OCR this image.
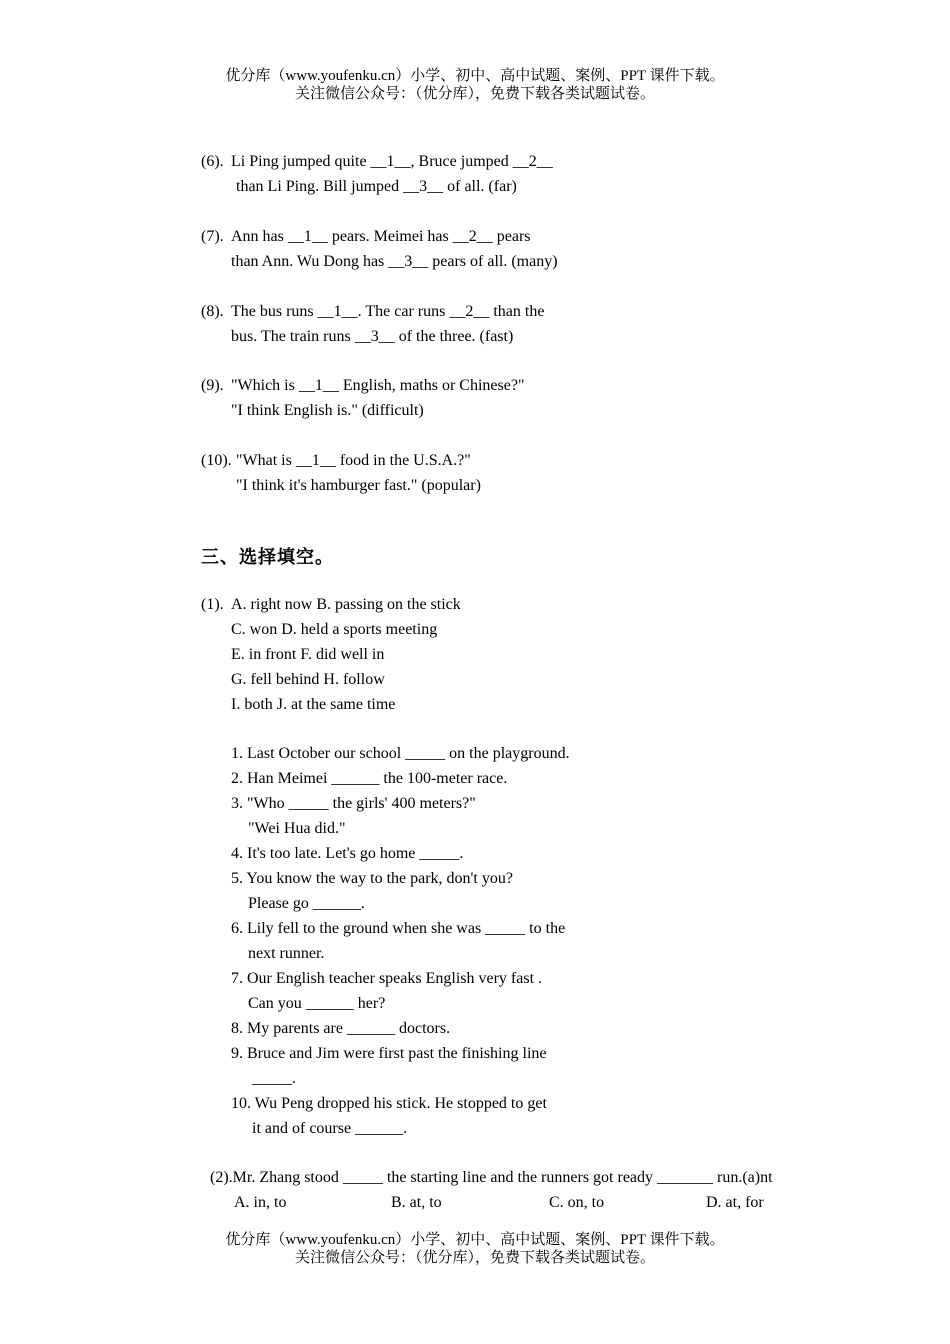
优分库（www.youfenku.cn）小学、初中、高中试题、案例、PPT 课件下载。
关注微信公众号：（优分库），免费下载各类试题试卷。
(6). Li Ping jumped quite __1__, Bruce jumped __2__
than Li Ping. Bill jumped __3__ of all. (far)
(7). Ann has __1__ pears. Meimei has __2__ pears
than Ann. Wu Dong has __3__ pears of all. (many)
(8). The bus runs __1__. The car runs __2__ than the
bus. The train runs __3__ of the three. (fast)
(9). "Which is __1__ English, maths or Chinese?"
"I think English is." (difficult)
(10). "What is __1__ food in the U.S.A.?"
"I think it's hamburger fast." (popular)
三、选择填空。
(1). A. right now B. passing on the stick
C. won D. held a sports meeting
E. in front F. did well in
G. fell behind H. follow
I. both J. at the same time
1. Last October our school _____ on the playground.
2. Han Meimei ______ the 100-meter race.
3. "Who _____ the girls' 400 meters?"
"Wei Hua did."
4. It's too late. Let's go home _____.
5. You know the way to the park, don't you?
Please go ______.
6. Lily fell to the ground when she was _____ to the
next runner.
7. Our English teacher speaks English very fast .
Can you ______ her?
8. My parents are ______ doctors.
9. Bruce and Jim were first past the finishing line
_____.
10. Wu Peng dropped his stick. He stopped to get
it and of course ______.
(2).Mr. Zhang stood _____ the starting line and the runners got ready _______ run.(a)nt
A. in, to	B. at, to	C. on, to	D. at, for
优分库（www.youfenku.cn）小学、初中、高中试题、案例、PPT 课件下载。
关注微信公众号：（优分库），免费下载各类试题试卷。
